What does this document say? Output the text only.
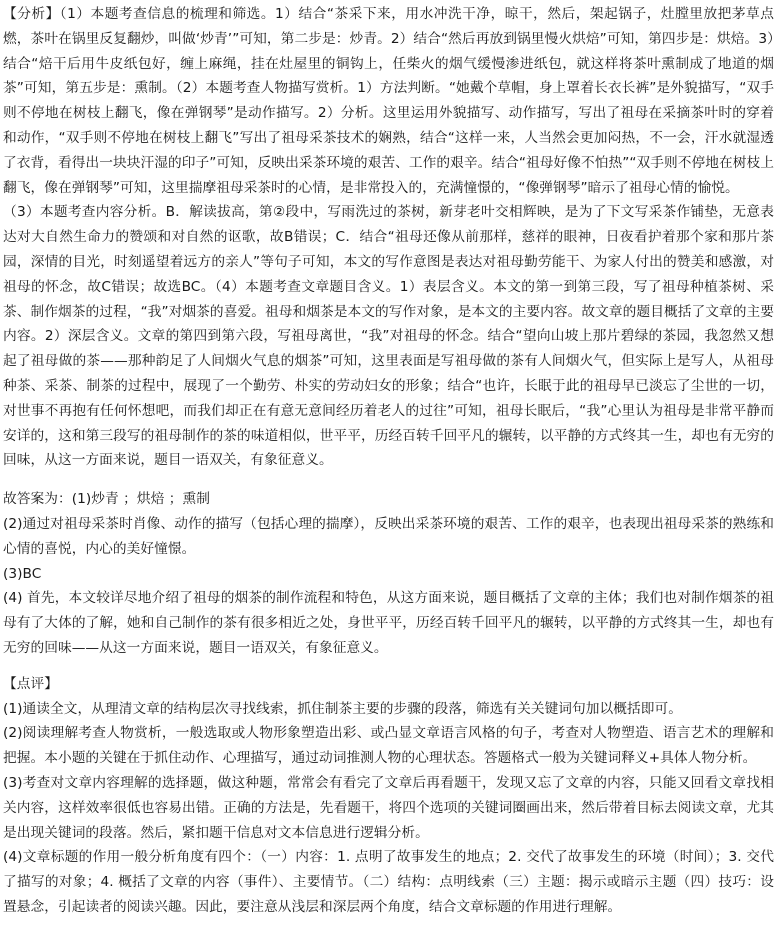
【分析】（1）本题考查信息的梳理和筛选。1）结合“茶采下来，用水冲洗干净，晾干，然后，架起锅子，灶膛里放把茅草点燃，茶叶在锅里反复翻炒，叫做‘炒青’”可知，第二步是：炒青。2）结合“然后再放到锅里慢火烘焙”可知，第四步是：烘焙。3）结合“焙干后用牛皮纸包好，缠上麻绳，挂在灶屋里的铜钩上，任柴火的烟气缓慢渗进纸包，就这样将茶叶熏制成了地道的烟茶”可知，第五步是：熏制。（2）本题考查人物描写赏析。1）方法判断。“她戴个草帽，身上罩着长衣长裤”是外貌描写，“双手则不停地在树枝上翻飞，像在弹钢琴”是动作描写。2）分析。这里运用外貌描写、动作描写，写出了祖母在采摘茶叶时的穿着和动作，“双手则不停地在树枝上翻飞”写出了祖母采茶技术的娴熟，结合“这样一来，人当然会更加闷热，不一会，汗水就湿透了衣背，看得出一块块汗湿的印子”可知，反映出采茶环境的艰苦、工作的艰辛。结合“祖母好像不怕热”“双手则不停地在树枝上翻飞，像在弹钢琴”可知，这里揣摩祖母采茶时的心情，是非常投入的，充满憧憬的，“像弹钢琴”暗示了祖母心情的愉悦。

（3）本题考查内容分析。B．解读拔高，第②段中，写雨洗过的茶树，新芽老叶交相辉映，是为了下文写采茶作铺垫，无意表达对大自然生命力的赞颂和对自然的讴歌，故B错误；C．结合“祖母还像从前那样，慈祥的眼神，日夜看护着那个家和那片茶园，深情的目光，时刻遥望着远方的亲人”等句子可知，本文的写作意图是表达对祖母勤劳能干、为家人付出的赞美和感激，对祖母的怀念，故C错误；故选BC。（4）本题考查文章题目含义。1）表层含义。本文的第一到第三段，写了祖母种植茶树、采茶、制作烟茶的过程，“我”对烟茶的喜爱。祖母和烟茶是本文的写作对象，是本文的主要内容。故文章的题目概括了文章的主要内容。2）深层含义。文章的第四到第六段，写祖母离世，“我”对祖母的怀念。结合“望向山坡上那片碧绿的茶园，我忽然又想起了祖母做的茶——那种韵足了人间烟火气息的烟茶”可知，这里表面是写祖母做的茶有人间烟火气，但实际上是写人，从祖母种茶、采茶、制茶的过程中，展现了一个勤劳、朴实的劳动妇女的形象；结合“也许，长眠于此的祖母早已淡忘了尘世的一切，对世事不再抱有任何怀想吧，而我们却正在有意无意间经历着老人的过往”可知，祖母长眠后，“我”心里认为祖母是非常平静而安详的，这和第三段写的祖母制作的茶的味道相似，世平平，历经百转千回平凡的辗转，以平静的方式终其一生，却也有无穷的回味，从这一方面来说，题目一语双关，有象征意义。

故答案为：(1)炒青 ；烘焙 ；熏制

(2)通过对祖母采茶时肖像、动作的描写（包括心理的揣摩），反映出采茶环境的艰苦、工作的艰辛，也表现出祖母采茶的熟练和心情的喜悦，内心的美好憧憬。

(3)BC

(4) 首先，本文较详尽地介绍了祖母的烟茶的制作流程和特色，从这方面来说，题目概括了文章的主体；我们也对制作烟茶的祖母有了大体的了解，她和自己制作的茶有很多相近之处，身世平平，历经百转千回平凡的辗转，以平静的方式终其一生，却也有无穷的回味——从这一方面来说，题目一语双关，有象征意义。

【点评】

(1)通读全文，从理清文章的结构层次寻找线索，抓住制茶主要的步骤的段落，筛选有关关键词句加以概括即可。

(2)阅读理解考查人物赏析，一般选取或人物形象塑造出彩、或凸显文章语言风格的句子，考查对人物塑造、语言艺术的理解和把握。本小题的关键在于抓住动作、心理描写，通过动词推测人物的心理状态。答题格式一般为关键词释义+具体人物分析。

(3)考查对文章内容理解的选择题，做这种题，常常会有看完了文章后再看题干，发现又忘了文章的内容，只能又回看文章找相关内容，这样效率很低也容易出错。正确的方法是，先看题干，将四个选项的关键词圈画出来，然后带着目标去阅读文章，尤其是出现关键词的段落。然后，紧扣题干信息对文本信息进行逻辑分析。

(4)文章标题的作用一般分析角度有四个：（一）内容：1. 点明了故事发生的地点；2. 交代了故事发生的环境（时间）；3. 交代了描写的对象；4. 概括了文章的内容（事件）、主要情节。（二）结构：点明线索（三）主题：揭示或暗示主题（四）技巧：设置悬念，引起读者的阅读兴趣。因此，要注意从浅层和深层两个角度，结合文章标题的作用进行理解。
